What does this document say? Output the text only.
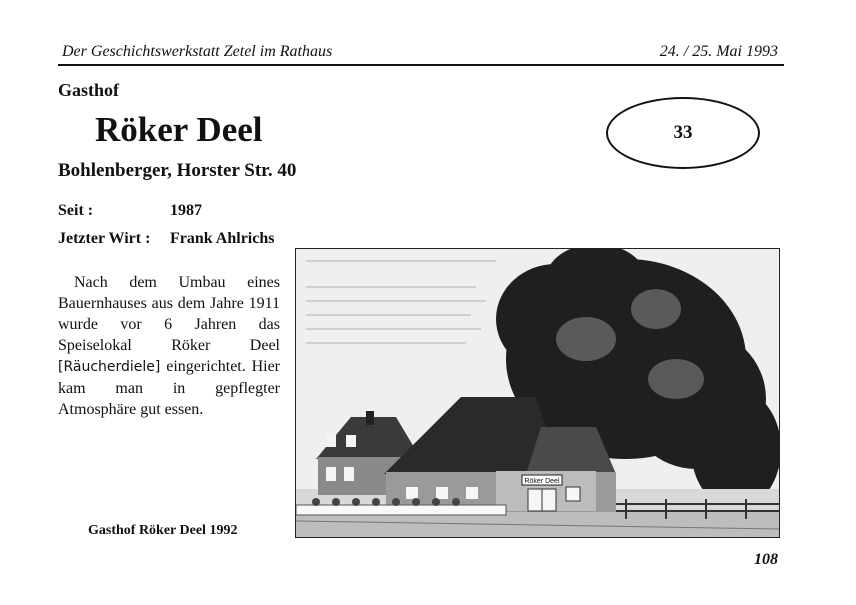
Der Geschichtswerkstatt Zetel im Rathaus	24. / 25. Mai 1993
Gasthof
Röker Deel
Bohlenberger, Horster Str. 40
33
Seit :	1987
Jetzter Wirt : Frank Ahlrichs
Nach dem Umbau eines Bauernhauses aus dem Jahre 1911 wurde vor 6 Jahren das Speiselokal Röker Deel [Räucherdiele] eingerichtet. Hier kam man in gepflegter Atmosphäre gut essen.
Röker Deel
Gasthof Röker Deel 1992
108
